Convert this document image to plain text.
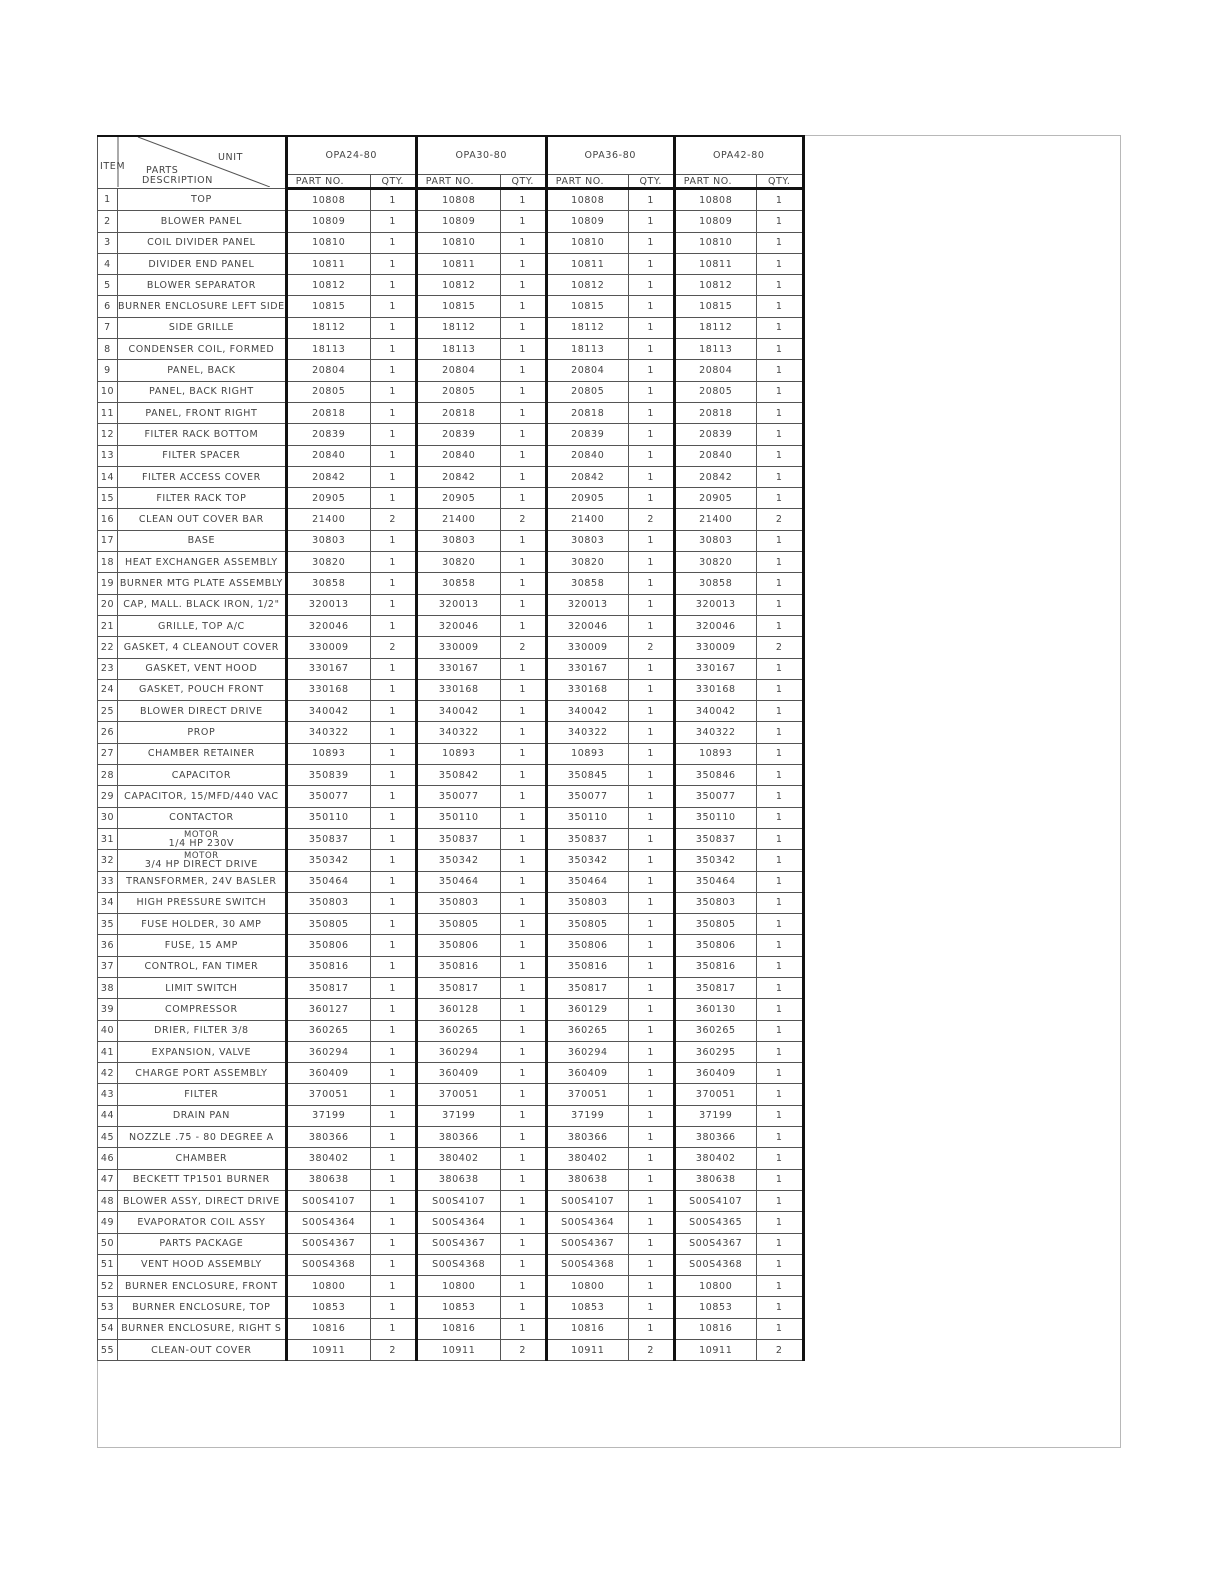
ITEM
UNIT
PARTS
DESCRIPTION		OPA24-80		OPA30-80		OPA36-80		OPA42-80	
		PART NO.	QTY.	PART NO.	QTY.	PART NO.	QTY.	PART NO.	QTY.
1	TOP	10808	1	10808	1	10808	1	10808	1
2	BLOWER PANEL	10809	1	10809	1	10809	1	10809	1
3	COIL DIVIDER PANEL	10810	1	10810	1	10810	1	10810	1
4	DIVIDER END PANEL	10811	1	10811	1	10811	1	10811	1
5	BLOWER SEPARATOR	10812	1	10812	1	10812	1	10812	1
6	BURNER ENCLOSURE LEFT SIDE	10815	1	10815	1	10815	1	10815	1
7	SIDE GRILLE	18112	1	18112	1	18112	1	18112	1
8	CONDENSER COIL, FORMED	18113	1	18113	1	18113	1	18113	1
9	PANEL, BACK	20804	1	20804	1	20804	1	20804	1
10	PANEL, BACK RIGHT	20805	1	20805	1	20805	1	20805	1
11	PANEL, FRONT RIGHT	20818	1	20818	1	20818	1	20818	1
12	FILTER RACK BOTTOM	20839	1	20839	1	20839	1	20839	1
13	FILTER SPACER	20840	1	20840	1	20840	1	20840	1
14	FILTER ACCESS COVER	20842	1	20842	1	20842	1	20842	1
15	FILTER RACK TOP	20905	1	20905	1	20905	1	20905	1
16	CLEAN OUT COVER BAR	21400	2	21400	2	21400	2	21400	2
17	BASE	30803	1	30803	1	30803	1	30803	1
18	HEAT EXCHANGER ASSEMBLY	30820	1	30820	1	30820	1	30820	1
19	BURNER MTG PLATE ASSEMBLY	30858	1	30858	1	30858	1	30858	1
20	CAP, MALL. BLACK IRON, 1/2"	320013	1	320013	1	320013	1	320013	1
21	GRILLE, TOP A/C	320046	1	320046	1	320046	1	320046	1
22	GASKET, 4 CLEANOUT COVER	330009	2	330009	2	330009	2	330009	2
23	GASKET, VENT HOOD	330167	1	330167	1	330167	1	330167	1
24	GASKET, POUCH FRONT	330168	1	330168	1	330168	1	330168	1
25	BLOWER DIRECT DRIVE	340042	1	340042	1	340042	1	340042	1
26	PROP	340322	1	340322	1	340322	1	340322	1
27	CHAMBER RETAINER	10893	1	10893	1	10893	1	10893	1
28	CAPACITOR	350839	1	350842	1	350845	1	350846	1
29	CAPACITOR, 15/MFD/440 VAC	350077	1	350077	1	350077	1	350077	1
30	CONTACTOR	350110	1	350110	1	350110	1	350110	1
31	MOTOR
1/4 HP 230V	350837	1	350837	1	350837	1	350837	1
32	MOTOR
3/4 HP DIRECT DRIVE	350342	1	350342	1	350342	1	350342	1
33	TRANSFORMER, 24V BASLER	350464	1	350464	1	350464	1	350464	1
34	HIGH PRESSURE SWITCH	350803	1	350803	1	350803	1	350803	1
35	FUSE HOLDER, 30 AMP	350805	1	350805	1	350805	1	350805	1
36	FUSE, 15 AMP	350806	1	350806	1	350806	1	350806	1
37	CONTROL, FAN TIMER	350816	1	350816	1	350816	1	350816	1
38	LIMIT SWITCH	350817	1	350817	1	350817	1	350817	1
39	COMPRESSOR	360127	1	360128	1	360129	1	360130	1
40	DRIER, FILTER 3/8	360265	1	360265	1	360265	1	360265	1
41	EXPANSION, VALVE	360294	1	360294	1	360294	1	360295	1
42	CHARGE PORT ASSEMBLY	360409	1	360409	1	360409	1	360409	1
43	FILTER	370051	1	370051	1	370051	1	370051	1
44	DRAIN PAN	37199	1	37199	1	37199	1	37199	1
45	NOZZLE .75 - 80 DEGREE A	380366	1	380366	1	380366	1	380366	1
46	CHAMBER	380402	1	380402	1	380402	1	380402	1
47	BECKETT TP1501 BURNER	380638	1	380638	1	380638	1	380638	1
48	BLOWER ASSY, DIRECT DRIVE	S00S4107	1	S00S4107	1	S00S4107	1	S00S4107	1
49	EVAPORATOR COIL ASSY	S00S4364	1	S00S4364	1	S00S4364	1	S00S4365	1
50	PARTS PACKAGE	S00S4367	1	S00S4367	1	S00S4367	1	S00S4367	1
51	VENT HOOD ASSEMBLY	S00S4368	1	S00S4368	1	S00S4368	1	S00S4368	1
52	BURNER ENCLOSURE, FRONT	10800	1	10800	1	10800	1	10800	1
53	BURNER ENCLOSURE, TOP	10853	1	10853	1	10853	1	10853	1
54	BURNER ENCLOSURE, RIGHT S	10816	1	10816	1	10816	1	10816	1
55	CLEAN-OUT COVER	10911	2	10911	2	10911	2	10911	2
